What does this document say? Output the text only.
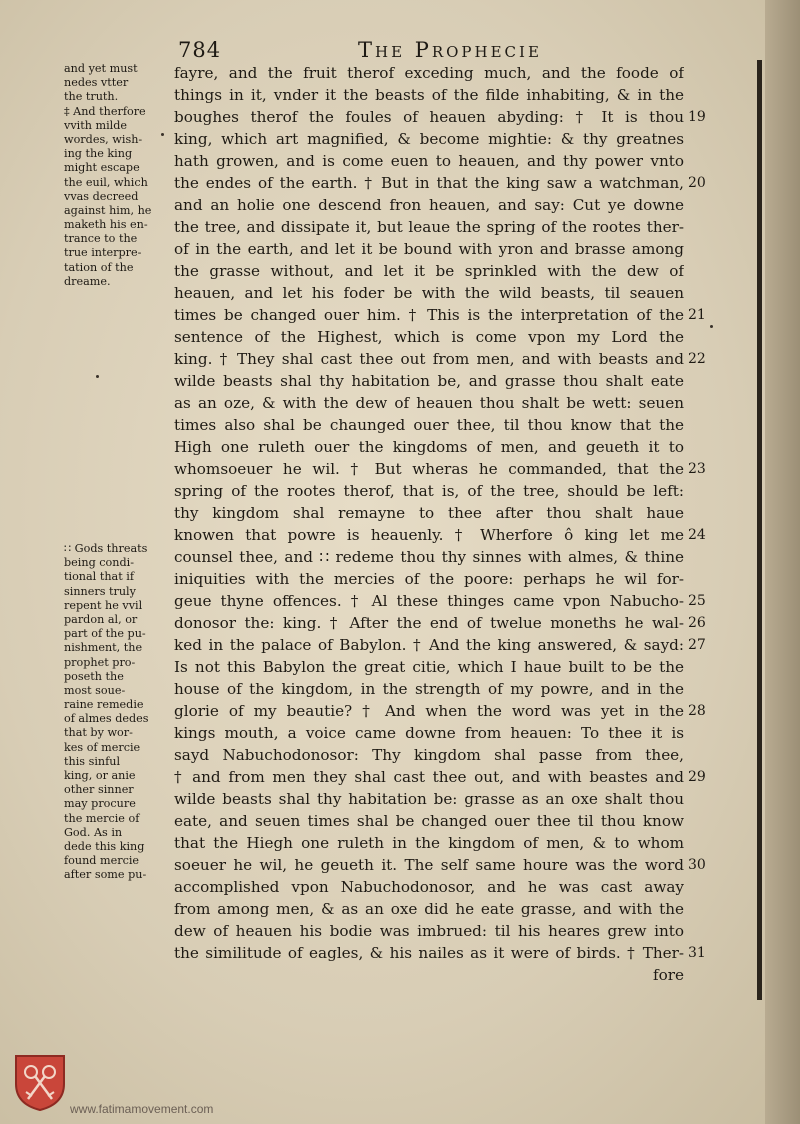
784	The Prophecie
and yet must
nedes vtter
the truth.
‡ And therfore
vvith milde
wordes, wish-
ing the king
might escape
the euil, which
vvas decreed
against him, he
maketh his en-
trance to the
true interpre-
tation of the
dreame.
∷ Gods threats
being condi-
tional that if
sinners truly
repent he vvil
pardon al, or
part of the pu-
nishment, the
prophet pro-
poseth the
most soue-
raine remedie
of almes dedes
that by wor-
kes of mercie
this sinful
king, or anie
other sinner
may procure
the mercie of
God. As in
dede this king
found mercie
after some pu-
fayre, and the fruit therof exceding much, and the foode of
things in it, vnder it the beasts of the filde inhabiting, & in the
boughes therof the foules of heauen abyding: † It is thou
king, which art magnified, & become mightie: & thy greatnes
hath growen, and is come euen to heauen, and thy power vnto
the endes of the earth. † But in that the king saw a watchman,
and an holie one descend fron heauen, and say: Cut ye downe
the tree, and dissipate it, but leaue the spring of the rootes ther-
of in the earth, and let it be bound with yron and brasse among
the grasse without, and let it be sprinkled with the dew of
heauen, and let his foder be with the wild beasts, til seauen
times be changed ouer him. † This is the interpretation of the
sentence of the Highest, which is come vpon my Lord the
king. † They shal cast thee out from men, and with beasts and
wilde beasts shal thy habitation be, and grasse thou shalt eate
as an oze, & with the dew of heauen thou shalt be wett: seuen
times also shal be chaunged ouer thee, til thou know that the
High one ruleth ouer the kingdoms of men, and geueth it to
whomsoeuer he wil. † But wheras he commanded, that the
spring of the rootes therof, that is, of the tree, should be left:
thy kingdom shal remayne to thee after thou shalt haue
knowen that powre is heauenly. † Wherfore ô king let me
counsel thee, and ∷ redeme thou thy sinnes with almes, & thine
iniquities with the mercies of the poore: perhaps he wil for-
geue thyne offences. † Al these thinges came vpon Nabucho-
donosor the: king. † After the end of twelue moneths he wal-
ked in the palace of Babylon. † And the king answered, & sayd:
Is not this Babylon the great citie, which I haue built to be the
house of the kingdom, in the strength of my powre, and in the
glorie of my beautie? † And when the word was yet in the
kings mouth, a voice came downe from heauen: To thee it is
sayd Nabuchodonosor: Thy kingdom shal passe from thee,
† and from men they shal cast thee out, and with beastes and
wilde beasts shal thy habitation be: grasse as an oxe shalt thou
eate, and seuen times shal be changed ouer thee til thou know
that the Hiegh one ruleth in the kingdom of men, & to whom
soeuer he wil, he geueth it. The self same houre was the word
accomplished vpon Nabuchodonosor, and he was cast away
from among men, & as an oxe did he eate grasse, and with the
dew of heauen his bodie was imbrued: til his heares grew into
the similitude of eagles, & his nailes as it were of birds. † Ther-
fore
19
20
21
22
23
24
25
26
27
28
29
30
31
www.fatimamovement.com
